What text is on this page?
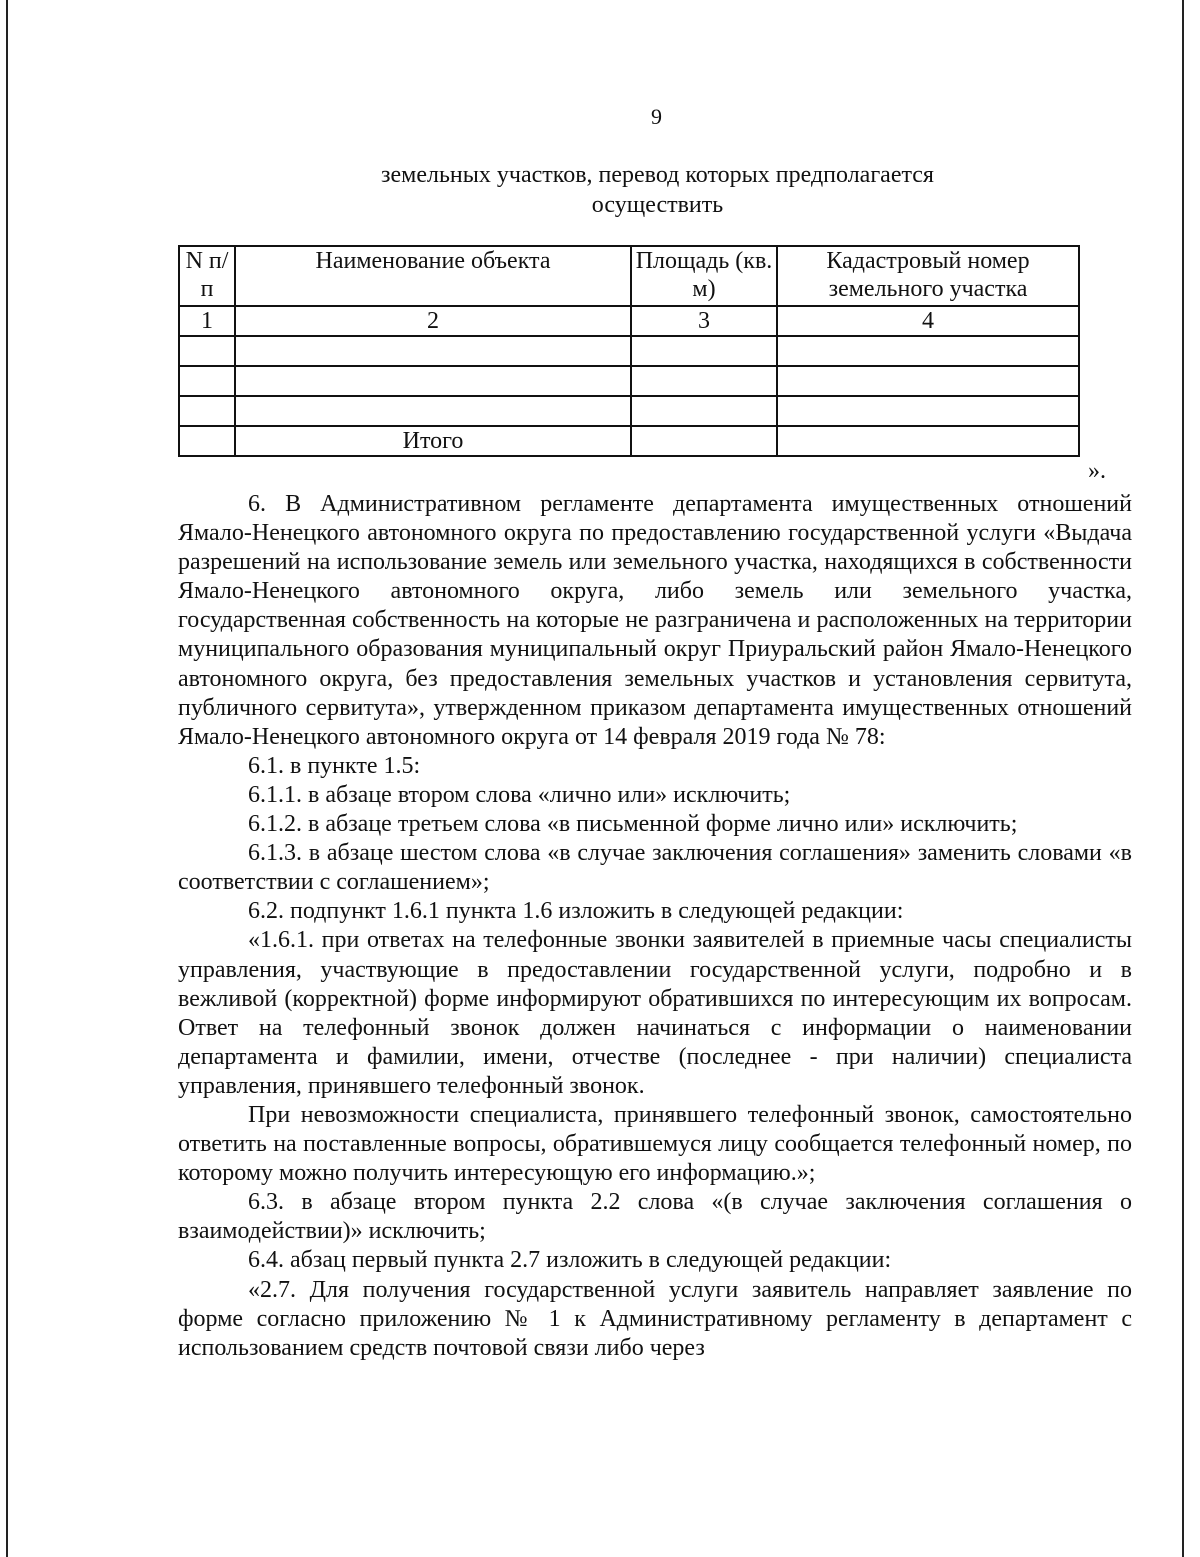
9
земельных участков, перевод которых предполагается
осуществить
N п/п	Наименование объекта	Площадь (кв. м)	Кадастровый номер земельного участка
1	2	3	4

	Итого		
».

6. В Административном регламенте департамента имущественных отношений Ямало-Ненецкого автономного округа по предоставлению государственной услуги «Выдача разрешений на использование земель или земельного участка, находящихся в собственности Ямало-Ненецкого автономного округа, либо земель или земельного участка, государственная собственность на которые не разграничена и расположенных на территории муниципального образования муниципальный округ Приуральский район Ямало-Ненецкого автономного округа, без предоставления земельных участков и установления сервитута, публичного сервитута», утвержденном приказом департамента имущественных отношений Ямало-Ненецкого автономного округа от 14 февраля 2019 года № 78:

6.1. в пункте 1.5:

6.1.1. в абзаце втором слова «лично или» исключить;

6.1.2. в абзаце третьем слова «в письменной форме лично или» исключить;

6.1.3. в абзаце шестом слова «в случае заключения соглашения» заменить словами «в соответствии с соглашением»;

6.2. подпункт 1.6.1 пункта 1.6 изложить в следующей редакции:

«1.6.1. при ответах на телефонные звонки заявителей в приемные часы специалисты управления, участвующие в предоставлении государственной услуги, подробно и в вежливой (корректной) форме информируют обратившихся по интересующим их вопросам. Ответ на телефонный звонок должен начинаться с информации о наименовании департамента и фамилии, имени, отчестве (последнее - при наличии) специалиста управления, принявшего телефонный звонок.

При невозможности специалиста, принявшего телефонный звонок, самостоятельно ответить на поставленные вопросы, обратившемуся лицу сообщается телефонный номер, по которому можно получить интересующую его информацию.»;

6.3. в абзаце втором пункта 2.2 слова «(в случае заключения соглашения о взаимодействии)» исключить;

6.4. абзац первый пункта 2.7 изложить в следующей редакции:

«2.7. Для получения государственной услуги заявитель направляет заявление по форме согласно приложению № 1 к Административному регламенту в департамент с использованием средств почтовой связи либо через
